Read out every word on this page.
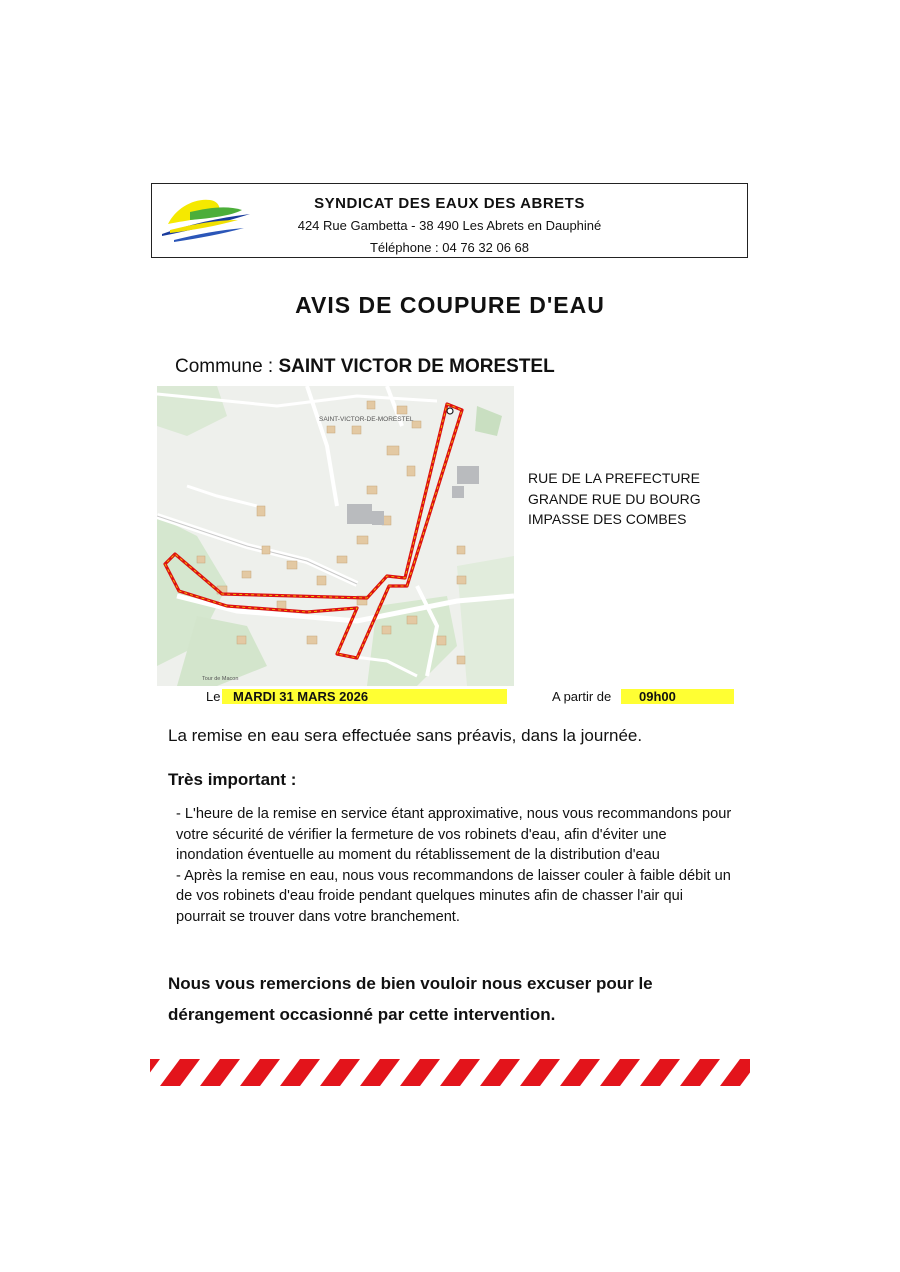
SYNDICAT DES EAUX DES ABRETS
424 Rue Gambetta - 38 490 Les Abrets en Dauphiné
Téléphone : 04 76 32 06 68
AVIS DE COUPURE D'EAU
Commune : SAINT VICTOR DE MORESTEL
SAINT-VICTOR-DE-MORESTEL
Tour de Macon
RUE DE LA PREFECTURE
GRANDE RUE DU BOURG
IMPASSE DES COMBES
Le MARDI 31 MARS 2026	A partir de	09h00
La remise en eau sera effectuée sans préavis, dans la journée.
Très important :
- L'heure de la remise en service étant approximative, nous vous recommandons pour votre sécurité de vérifier la fermeture de vos robinets d'eau, afin d'éviter une inondation éventuelle au moment du rétablissement de la distribution d'eau
- Après la remise en eau, nous vous recommandons de laisser couler à faible débit un de vos robinets d'eau froide pendant quelques minutes afin de chasser l'air qui pourrait se trouver dans votre branchement.
Nous vous remercions de bien vouloir nous excuser pour le dérangement occasionné par cette intervention.
